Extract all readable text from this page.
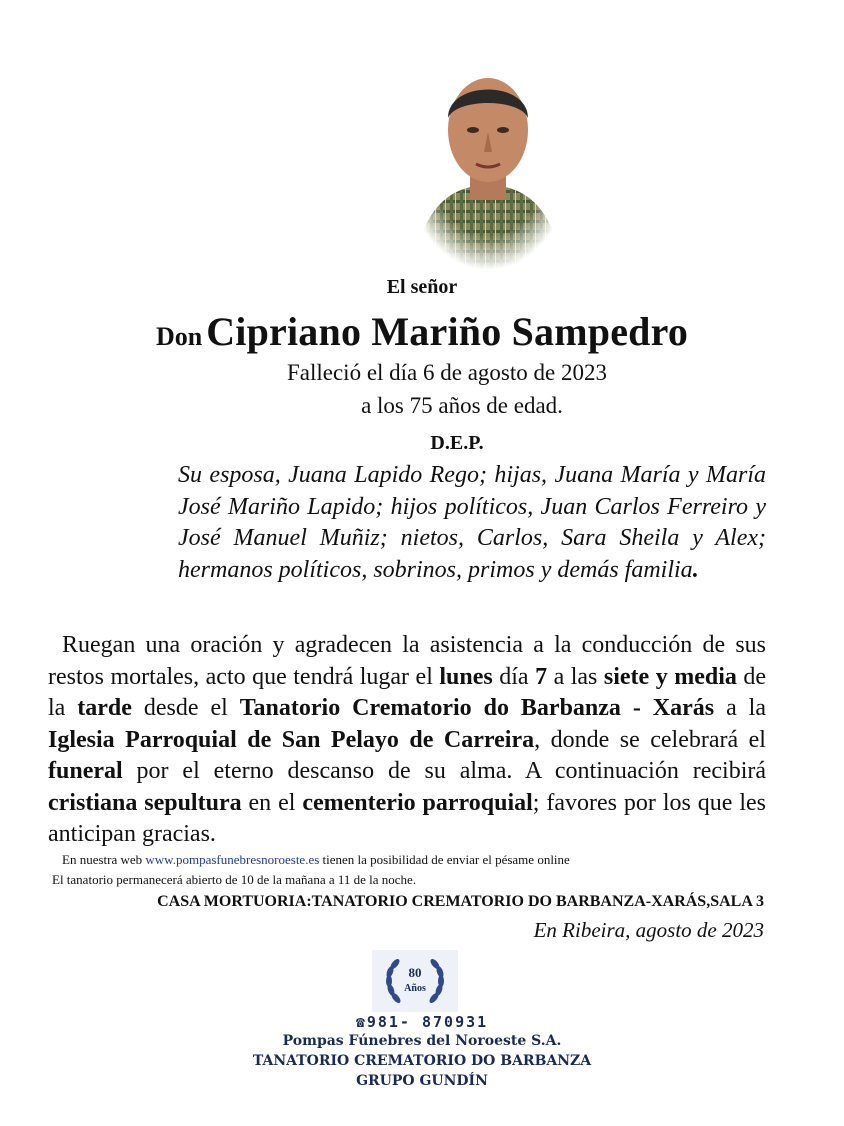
El señor
Don Cipriano Mariño Sampedro
Falleció el día 6 de agosto de 2023
a los 75 años de edad.
D.E.P.
Su esposa, Juana Lapido Rego; hijas, Juana María y María José Mariño Lapido; hijos políticos, Juan Carlos Ferreiro y José Manuel Muñiz; nietos, Carlos, Sara Sheila y Alex; hermanos políticos, sobrinos, primos y demás familia.
Ruegan una oración y agradecen la asistencia a la conducción de sus restos mortales, acto que tendrá lugar el lunes día 7 a las siete y media de la tarde desde el Tanatorio Crematorio do Barbanza - Xarás a la Iglesia Parroquial de San Pelayo de Carreira, donde se celebrará el funeral por el eterno descanso de su alma. A continuación recibirá cristiana sepultura en el cementerio parroquial; favores por los que les anticipan gracias.
En nuestra web www.pompasfunebresnoroeste.es tienen la posibilidad de enviar el pésame online
El tanatorio permanecerá abierto de 10 de la mañana a 11 de la noche.
CASA MORTUORIA:TANATORIO CREMATORIO DO BARBANZA-XARÁS,SALA 3
En Ribeira, agosto de 2023
80
Años
☎981- 870931
Pompas Fúnebres del Noroeste S.A.
TANATORIO CREMATORIO DO BARBANZA
GRUPO GUNDÍN
